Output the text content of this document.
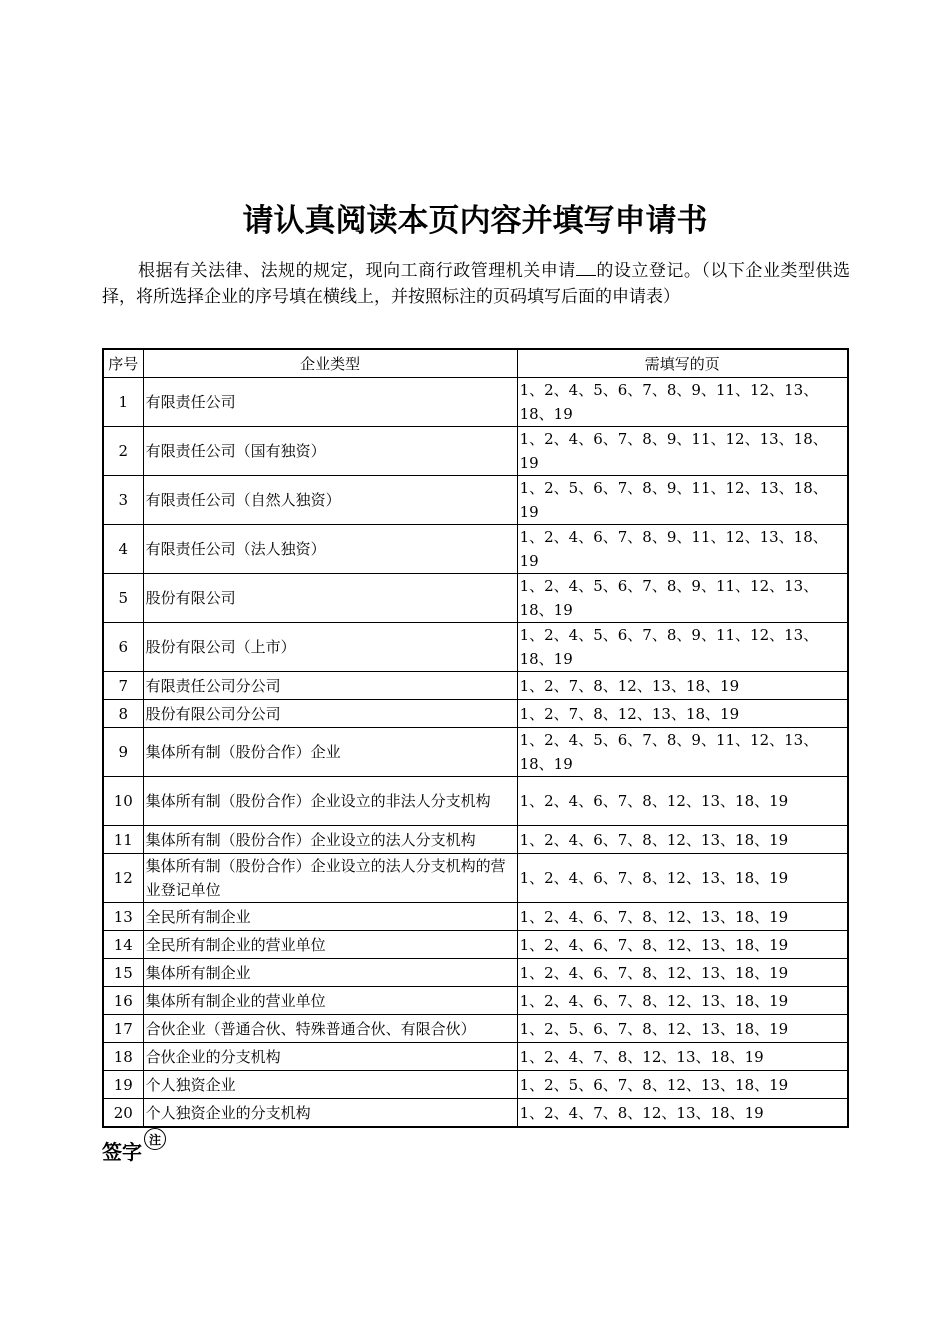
请认真阅读本页内容并填写申请书

根据有关法律、法规的规定，现向工商行政管理机关申请 的设立登记。（以下企业类型供选择，将所选择企业的序号填在横线上，并按照标注的页码填写后面的申请表）

序号	企业类型	需填写的页
1	有限责任公司	1、2、4、5、6、7、8、9、11、12、13、18、19
2	有限责任公司（国有独资）	1、2、4、6、7、8、9、11、12、13、18、19
3	有限责任公司（自然人独资）	1、2、5、6、7、8、9、11、12、13、18、19
4	有限责任公司（法人独资）	1、2、4、6、7、8、9、11、12、13、18、19
5	股份有限公司	1、2、4、5、6、7、8、9、11、12、13、18、19
6	股份有限公司（上市）	1、2、4、5、6、7、8、9、11、12、13、18、19
7	有限责任公司分公司	1、2、7、8、12、13、18、19
8	股份有限公司分公司	1、2、7、8、12、13、18、19
9	集体所有制（股份合作）企业	1、2、4、5、6、7、8、9、11、12、13、18、19
10	集体所有制（股份合作）企业设立的非法人分支机构	1、2、4、6、7、8、12、13、18、19
11	集体所有制（股份合作）企业设立的法人分支机构	1、2、4、6、7、8、12、13、18、19
12	集体所有制（股份合作）企业设立的法人分支机构的营业登记单位	1、2、4、6、7、8、12、13、18、19
13	全民所有制企业	1、2、4、6、7、8、12、13、18、19
14	全民所有制企业的营业单位	1、2、4、6、7、8、12、13、18、19
15	集体所有制企业	1、2、4、6、7、8、12、13、18、19
16	集体所有制企业的营业单位	1、2、4、6、7、8、12、13、18、19
17	合伙企业（普通合伙、特殊普通合伙、有限合伙）	1、2、5、6、7、8、12、13、18、19
18	合伙企业的分支机构	1、2、4、7、8、12、13、18、19
19	个人独资企业	1、2、5、6、7、8、12、13、18、19
20	个人独资企业的分支机构	1、2、4、7、8、12、13、18、19
签字
注
